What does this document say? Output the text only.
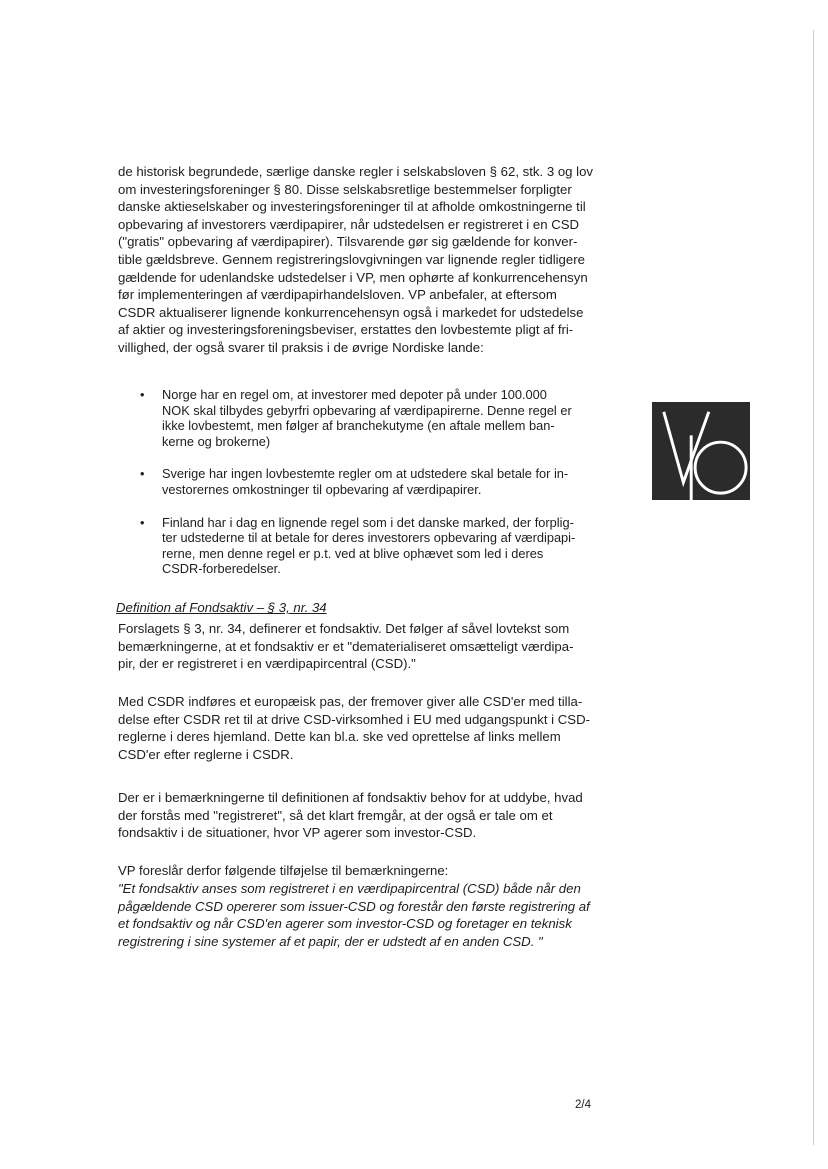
de historisk begrundede, særlige danske regler i selskabsloven § 62, stk. 3 og lov
om investeringsforeninger § 80. Disse selskabsretlige bestemmelser forpligter
danske aktieselskaber og investeringsforeninger til at afholde omkostningerne til
opbevaring af investorers værdipapirer, når udstedelsen er registreret i en CSD
("gratis" opbevaring af værdipapirer). Tilsvarende gør sig gældende for konver-
tible gældsbreve. Gennem registreringslovgivningen var lignende regler tidligere
gældende for udenlandske udstedelser i VP, men ophørte af konkurrencehensyn
før implementeringen af værdipapirhandelsloven. VP anbefaler, at eftersom
CSDR aktualiserer lignende konkurrencehensyn også i markedet for udstedelse
af aktier og investeringsforeningsbeviser, erstattes den lovbestemte pligt af fri-
villighed, der også svarer til praksis i de øvrige Nordiske lande:
• Norge har en regel om, at investorer med depoter på under 100.000
NOK skal tilbydes gebyrfri opbevaring af værdipapirerne. Denne regel er
ikke lovbestemt, men følger af branchekutyme (en aftale mellem ban-
kerne og brokerne)
• Sverige har ingen lovbestemte regler om at udstedere skal betale for in-
vestorernes omkostninger til opbevaring af værdipapirer.
• Finland har i dag en lignende regel som i det danske marked, der forplig-
ter udstederne til at betale for deres investorers opbevaring af værdipapi-
rerne, men denne regel er p.t. ved at blive ophævet som led i deres
CSDR-forberedelser.
Definition af Fondsaktiv – § 3, nr. 34
Forslagets § 3, nr. 34, definerer et fondsaktiv. Det følger af såvel lovtekst som
bemærkningerne, at et fondsaktiv er et "dematerialiseret omsætteligt værdipa-
pir, der er registreret i en værdipapircentral (CSD)."
Med CSDR indføres et europæisk pas, der fremover giver alle CSD'er med tilla-
delse efter CSDR ret til at drive CSD-virksomhed i EU med udgangspunkt i CSD-
reglerne i deres hjemland. Dette kan bl.a. ske ved oprettelse af links mellem
CSD'er efter reglerne i CSDR.
Der er i bemærkningerne til definitionen af fondsaktiv behov for at uddybe, hvad
der forstås med "registreret", så det klart fremgår, at der også er tale om et
fondsaktiv i de situationer, hvor VP agerer som investor-CSD.
VP foreslår derfor følgende tilføjelse til bemærkningerne:
"Et fondsaktiv anses som registreret i en værdipapircentral (CSD) både når den
pågældende CSD opererer som issuer-CSD og forestår den første registrering af
et fondsaktiv og når CSD'en agerer som investor-CSD og foretager en teknisk
registrering i sine systemer af et papir, der er udstedt af en anden CSD. "
2/4
